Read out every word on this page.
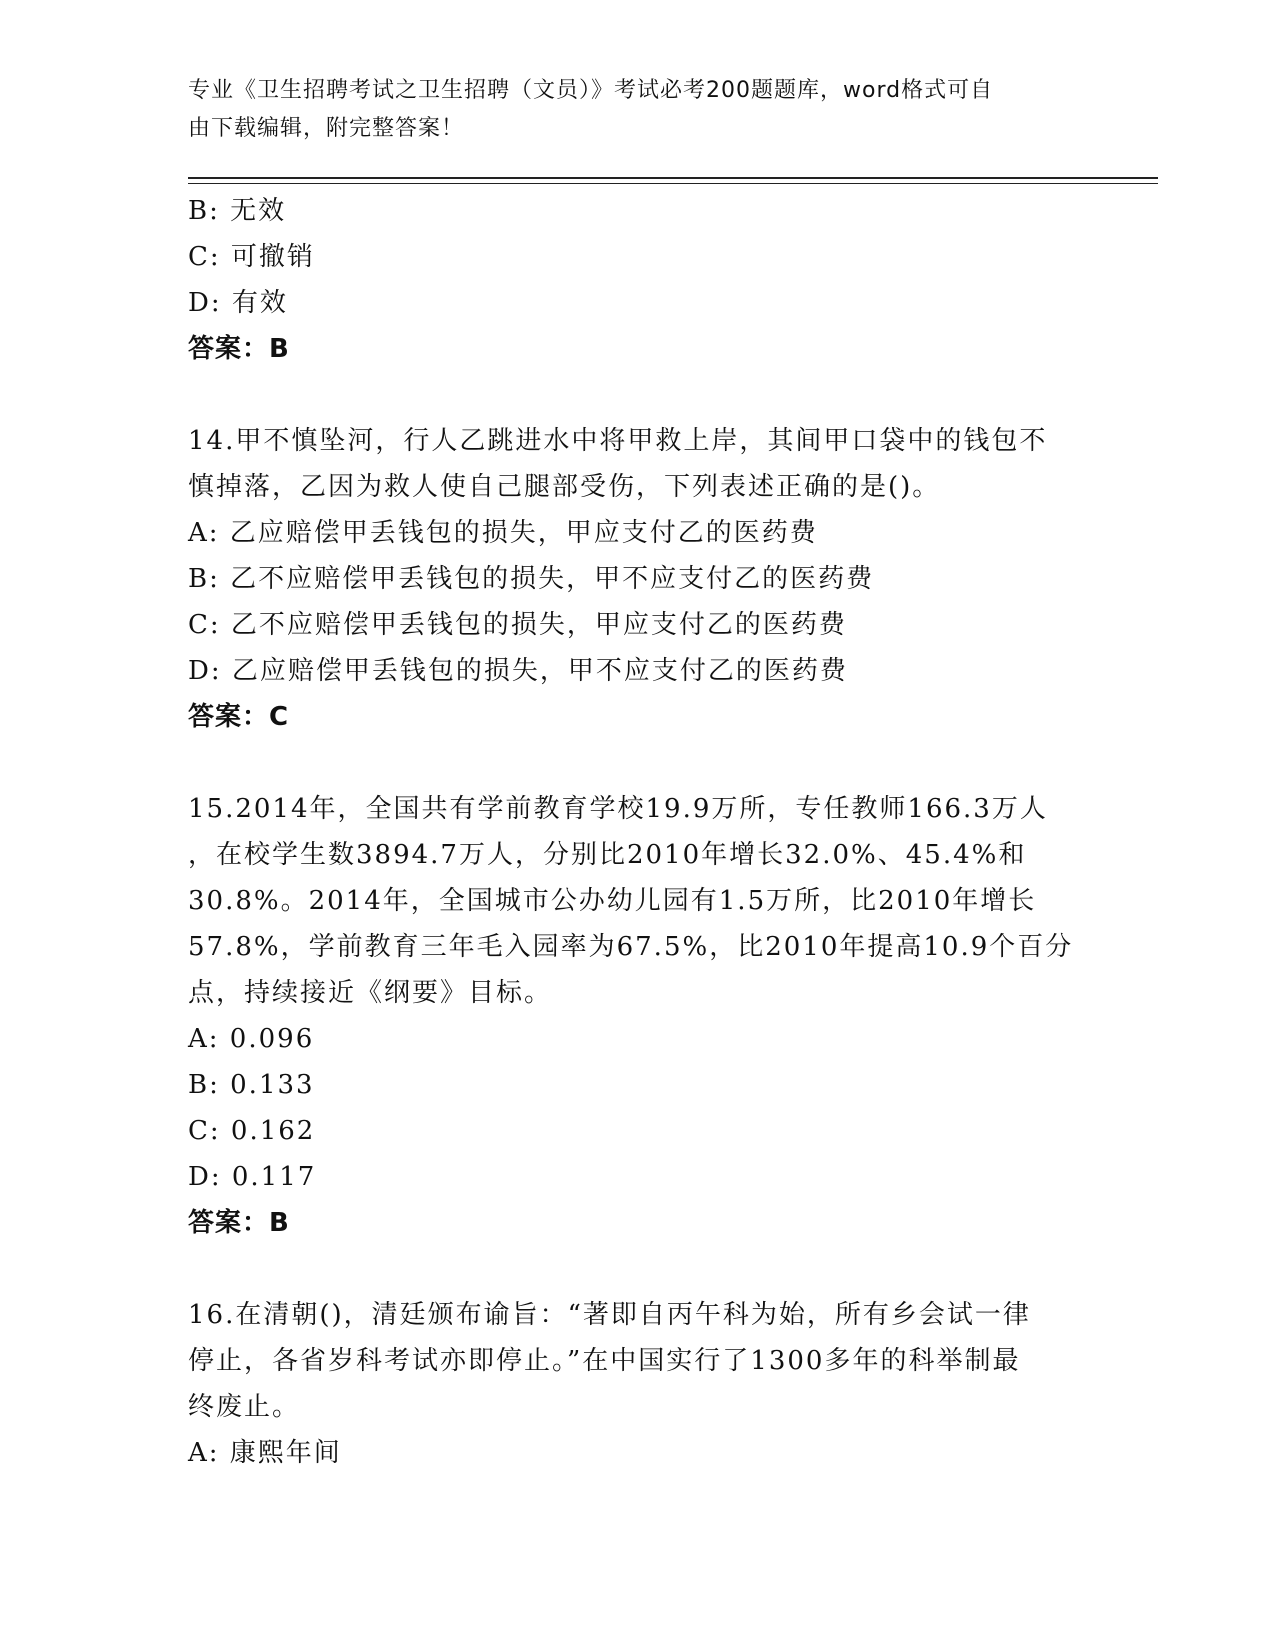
专业《卫生招聘考试之卫生招聘（文员）》考试必考200题题库，word格式可自
由下载编辑，附完整答案！
B: 无效
C: 可撤销
D: 有效
答案：B
14.甲不慎坠河，行人乙跳进水中将甲救上岸，其间甲口袋中的钱包不
慎掉落，乙因为救人使自己腿部受伤，下列表述正确的是()。
A: 乙应赔偿甲丢钱包的损失，甲应支付乙的医药费
B: 乙不应赔偿甲丢钱包的损失，甲不应支付乙的医药费
C: 乙不应赔偿甲丢钱包的损失，甲应支付乙的医药费
D: 乙应赔偿甲丢钱包的损失，甲不应支付乙的医药费
答案：C
15.2014年，全国共有学前教育学校19.9万所，专任教师166.3万人
，在校学生数3894.7万人，分别比2010年增长32.0%、45.4%和
30.8%。2014年，全国城市公办幼儿园有1.5万所，比2010年增长
57.8%，学前教育三年毛入园率为67.5%，比2010年提高10.9个百分
点，持续接近《纲要》目标。
A: 0.096
B: 0.133
C: 0.162
D: 0.117
答案：B
16.在清朝()，清廷颁布谕旨：“著即自丙午科为始，所有乡会试一律
停止，各省岁科考试亦即停止。”在中国实行了1300多年的科举制最
终废止。
A: 康熙年间
